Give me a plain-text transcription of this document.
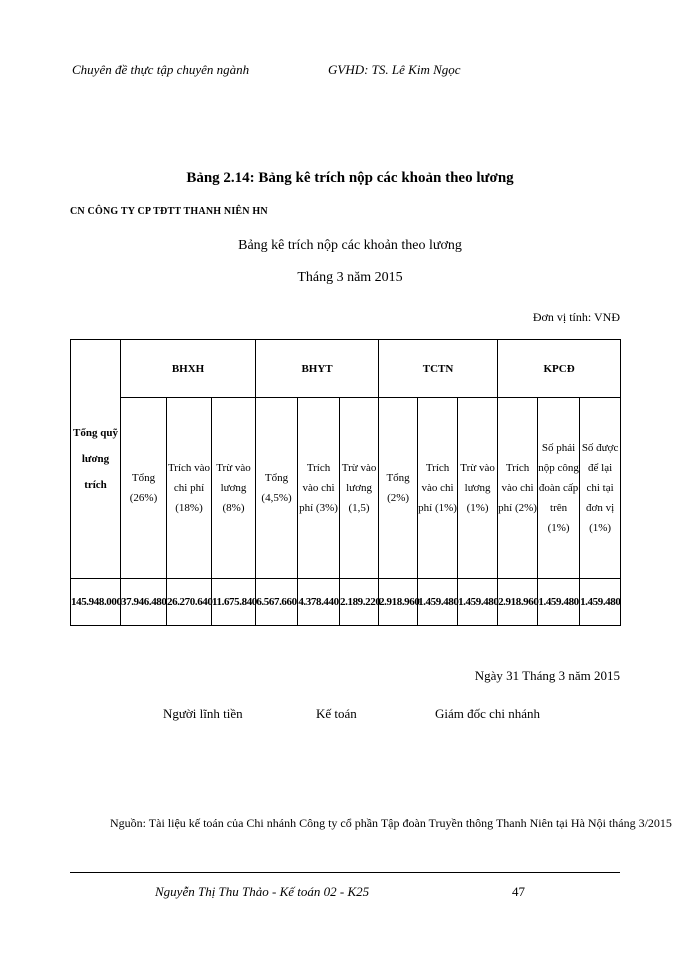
Chuyên đề thực tập chuyên ngành	GVHD: TS. Lê Kim Ngọc
Bảng 2.14: Bảng kê trích nộp các khoản theo lương
CN CÔNG TY CP TĐTT THANH NIÊN HN
Bảng kê trích nộp các khoản theo lương
Tháng 3 năm 2015
Đơn vị tính: VNĐ
Tổng quỹ lương trích	BHXH			BHYT			TCTN			KPCĐ		
	Tổng (26%)	Trích vào chi phí (18%)	Trừ vào lương (8%)	Tổng (4,5%)	Trích vào chi phí (3%)	Trừ vào lương (1,5)	Tổng (2%)	Trích vào chi phí (1%)	Trừ vào lương (1%)	Trích vào chi phí (2%)	Số phải nộp công đoàn cấp trên (1%)	Số được để lại chi tại đơn vị (1%)
145.948.000	37.946.480	26.270.640	11.675.840	6.567.660	4.378.440	2.189.220	2.918.960	1.459.480	1.459.480	2.918.960	1.459.480	1.459.480
Ngày 31 Tháng 3 năm 2015
Người lĩnh tiền	Kế toán	Giám đốc chi nhánh
Nguồn: Tài liệu kế toán của Chi nhánh Công ty cổ phần Tập đoàn Truyền thông Thanh Niên tại Hà Nội tháng 3/2015
Nguyễn Thị Thu Thảo - Kế toán 02 - K25	47
